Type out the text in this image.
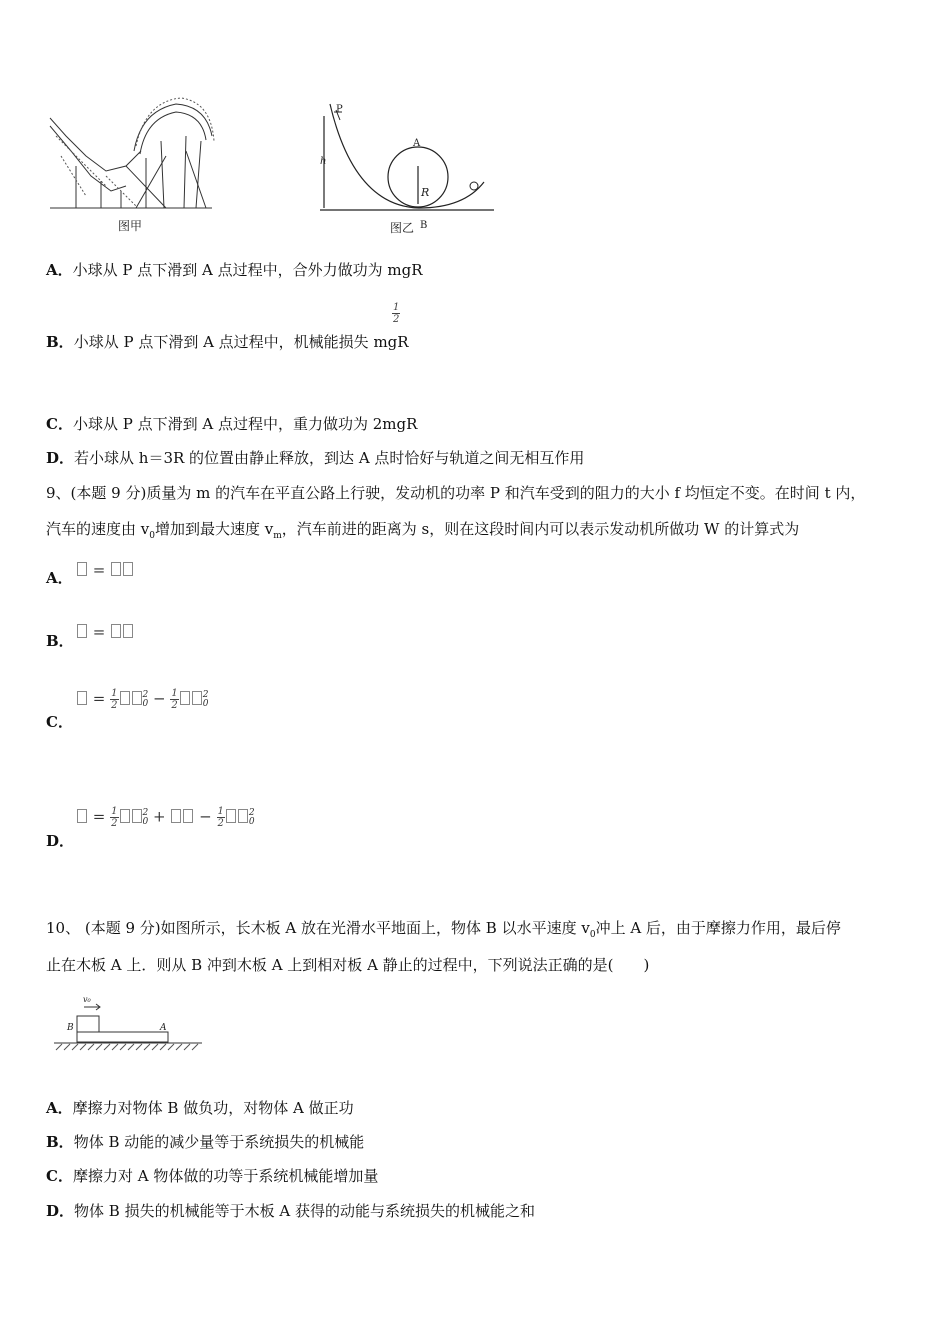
图甲
P
h
A
R
B
图乙
A．小球从 P 点下滑到 A 点过程中，合外力做功为 mgR
$\frac{1}{2}$
B．小球从 P 点下滑到 A 点过程中，机械能损失 mgR
C．小球从 P 点下滑到 A 点过程中，重力做功为 2mgR
D．若小球从 h＝3R 的位置由静止释放，到达 A 点时恰好与轨道之间无相互作用
9、(本题 9 分)质量为 m 的汽车在平直公路上行驶，发动机的功率 P 和汽车受到的阻力的大小 f 均恒定不变。在时间 t 内，
汽车的速度由 $v_0$增加到最大速度 $v_m$，汽车前进的距离为 s，则在这段时间内可以表示发动机所做功 W 的计算式为
A．	=
B．	=
C．
= $\frac{1}{2}$	2
$0 - \frac{1}{2}$	2
0
D．
= $\frac{1}{2}$	2
0 + − $\frac{1}{2}$	2
0
10、 (本题 9 分)如图所示，长木板 A 放在光滑水平地面上，物体 B 以水平速度 $v_0$冲上 A 后，由于摩擦力作用，最后停
止在木板 A 上．则从 B 冲到木板 A 上到相对板 A 静止的过程中，下列说法正确的是(　　)
v₀
B	A
A．摩擦力对物体 B 做负功，对物体 A 做正功
B．物体 B 动能的减少量等于系统损失的机械能
C．摩擦力对 A 物体做的功等于系统机械能增加量
D．物体 B 损失的机械能等于木板 A 获得的动能与系统损失的机械能之和
